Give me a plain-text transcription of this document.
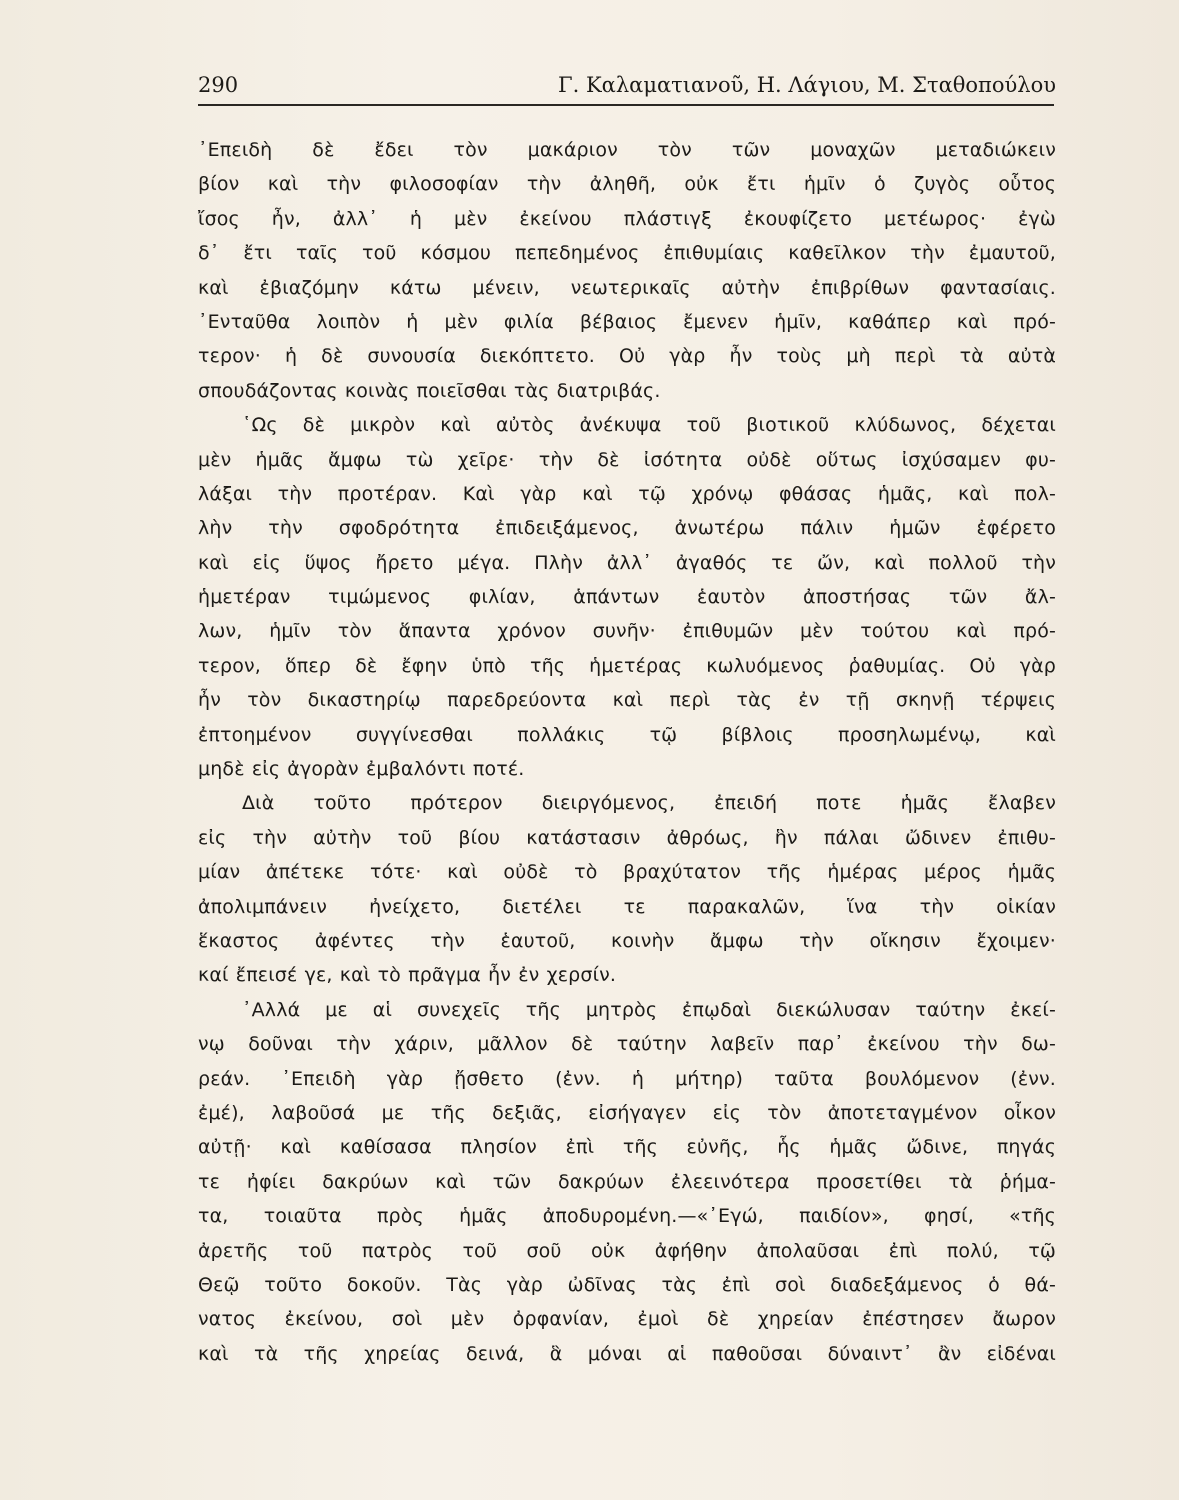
290	Γ. Καλαματιανοῦ, Η. Λάγιου, Μ. Σταθοπούλου
᾿Επειδὴ δὲ ἔδει τὸν μακάριον τὸν τῶν μοναχῶν μεταδιώκειν
βίον καὶ τὴν φιλοσοφίαν τὴν ἀληθῆ, οὐκ ἔτι ἡμῖν ὁ ζυγὸς οὗτος
ἴσος ἦν, ἀλλ᾿ ἡ μὲν ἐκείνου πλάστιγξ ἐκουφίζετο μετέωρος· ἐγὼ
δ᾿ ἔτι ταῖς τοῦ κόσμου πεπεδημένος ἐπιθυμίαις καθεῖλκον τὴν ἐμαυτοῦ,
καὶ ἐβιαζόμην κάτω μένειν, νεωτερικαῖς αὐτὴν ἐπιβρίθων φαντασίαις.
᾿Ενταῦθα λοιπὸν ἡ μὲν φιλία βέβαιος ἔμενεν ἡμῖν, καθάπερ καὶ πρό-
τερον· ἡ δὲ συνουσία διεκόπτετο. Οὐ γὰρ ἦν τοὺς μὴ περὶ τὰ αὐτὰ
σπουδάζοντας κοινὰς ποιεῖσθαι τὰς διατριβάς.
῾Ως δὲ μικρὸν καὶ αὐτὸς ἀνέκυψα τοῦ βιοτικοῦ κλύδωνος, δέχεται
μὲν ἡμᾶς ἄμφω τὼ χεῖρε· τὴν δὲ ἰσότητα οὐδὲ οὕτως ἰσχύσαμεν φυ-
λάξαι τὴν προτέραν. Καὶ γὰρ καὶ τῷ χρόνῳ φθάσας ἡμᾶς, καὶ πολ-
λὴν τὴν σφοδρότητα ἐπιδειξάμενος, ἀνωτέρω πάλιν ἡμῶν ἐφέρετο
καὶ εἰς ὕψος ἤρετο μέγα. Πλὴν ἀλλ᾿ ἀγαθός τε ὤν, καὶ πολλοῦ τὴν
ἡμετέραν τιμώμενος φιλίαν, ἁπάντων ἑαυτὸν ἀποστήσας τῶν ἄλ-
λων, ἡμῖν τὸν ἅπαντα χρόνον συνῆν· ἐπιθυμῶν μὲν τούτου καὶ πρό-
τερον, ὅπερ δὲ ἔφην ὑπὸ τῆς ἡμετέρας κωλυόμενος ῥαθυμίας. Οὐ γὰρ
ἦν τὸν δικαστηρίῳ παρεδρεύοντα καὶ περὶ τὰς ἐν τῇ σκηνῇ τέρψεις
ἐπτοημένον συγγίνεσθαι πολλάκις τῷ βίβλοις προσηλωμένῳ, καὶ
μηδὲ εἰς ἀγορὰν ἐμβαλόντι ποτέ.
Διὰ τοῦτο πρότερον διειργόμενος, ἐπειδή ποτε ἡμᾶς ἔλαβεν
εἰς τὴν αὐτὴν τοῦ βίου κατάστασιν ἀθρόως, ἣν πάλαι ὤδινεν ἐπιθυ-
μίαν ἀπέτεκε τότε· καὶ οὐδὲ τὸ βραχύτατον τῆς ἡμέρας μέρος ἡμᾶς
ἀπολιμπάνειν ἠνείχετο, διετέλει τε παρακαλῶν, ἵνα τὴν οἰκίαν
ἕκαστος ἀφέντες τὴν ἑαυτοῦ, κοινὴν ἄμφω τὴν οἴκησιν ἔχοιμεν·
καί ἔπεισέ γε, καὶ τὸ πρᾶγμα ἦν ἐν χερσίν.
᾿Αλλά με αἱ συνεχεῖς τῆς μητρὸς ἐπῳδαὶ διεκώλυσαν ταύτην ἐκεί-
νῳ δοῦναι τὴν χάριν, μᾶλλον δὲ ταύτην λαβεῖν παρ᾿ ἐκείνου τὴν δω-
ρεάν. ᾿Επειδὴ γὰρ ᾔσθετο (ἐνν. ἡ μήτηρ) ταῦτα βουλόμενον (ἐνν.
ἐμέ), λαβοῦσά με τῆς δεξιᾶς, εἰσήγαγεν εἰς τὸν ἀποτεταγμένον οἶκον
αὐτῇ· καὶ καθίσασα πλησίον ἐπὶ τῆς εὐνῆς, ἧς ἡμᾶς ὤδινε, πηγάς
τε ἠφίει δακρύων καὶ τῶν δακρύων ἐλεεινότερα προσετίθει τὰ ῥήμα-
τα, τοιαῦτα πρὸς ἡμᾶς ἀποδυρομένη.—«᾿Εγώ, παιδίον», φησί, «τῆς
ἀρετῆς τοῦ πατρὸς τοῦ σοῦ οὐκ ἀφήθην ἀπολαῦσαι ἐπὶ πολύ, τῷ
Θεῷ τοῦτο δοκοῦν. Τὰς γὰρ ὠδῖνας τὰς ἐπὶ σοὶ διαδεξάμενος ὁ θά-
νατος ἐκείνου, σοὶ μὲν ὀρφανίαν, ἐμοὶ δὲ χηρείαν ἐπέστησεν ἄωρον
καὶ τὰ τῆς χηρείας δεινά, ἃ μόναι αἱ παθοῦσαι δύναιντ᾿ ἂν εἰδέναι
